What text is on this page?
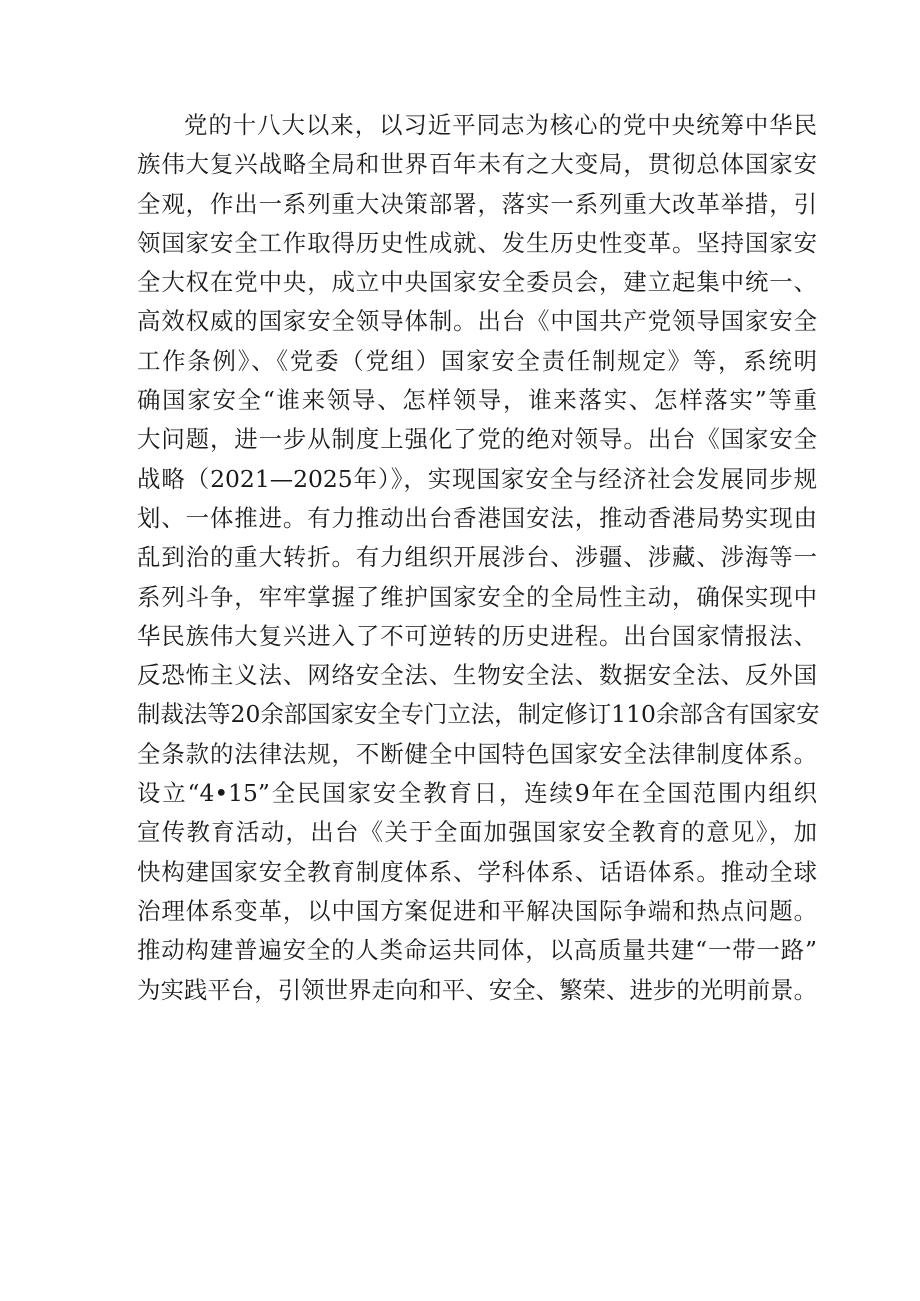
党的十八大以来，以习近平同志为核心的党中央统筹中华民
族伟大复兴战略全局和世界百年未有之大变局，贯彻总体国家安
全观，作出一系列重大决策部署，落实一系列重大改革举措，引
领国家安全工作取得历史性成就、发生历史性变革。坚持国家安
全大权在党中央，成立中央国家安全委员会，建立起集中统一、
高效权威的国家安全领导体制。出台《中国共产党领导国家安全
工作条例》、《党委（党组）国家安全责任制规定》等，系统明
确国家安全“谁来领导、怎样领导，谁来落实、怎样落实”等重
大问题，进一步从制度上强化了党的绝对领导。出台《国家安全
战略（2021—2025年）》，实现国家安全与经济社会发展同步规
划、一体推进。有力推动出台香港国安法，推动香港局势实现由
乱到治的重大转折。有力组织开展涉台、涉疆、涉藏、涉海等一
系列斗争，牢牢掌握了维护国家安全的全局性主动，确保实现中
华民族伟大复兴进入了不可逆转的历史进程。出台国家情报法、
反恐怖主义法、网络安全法、生物安全法、数据安全法、反外国
制裁法等20余部国家安全专门立法，制定修订110余部含有国家安
全条款的法律法规，不断健全中国特色国家安全法律制度体系。
设立“4•15”全民国家安全教育日，连续9年在全国范围内组织
宣传教育活动，出台《关于全面加强国家安全教育的意见》，加
快构建国家安全教育制度体系、学科体系、话语体系。推动全球
治理体系变革，以中国方案促进和平解决国际争端和热点问题。
推动构建普遍安全的人类命运共同体，以高质量共建“一带一路”
为实践平台，引领世界走向和平、安全、繁荣、进步的光明前景。
